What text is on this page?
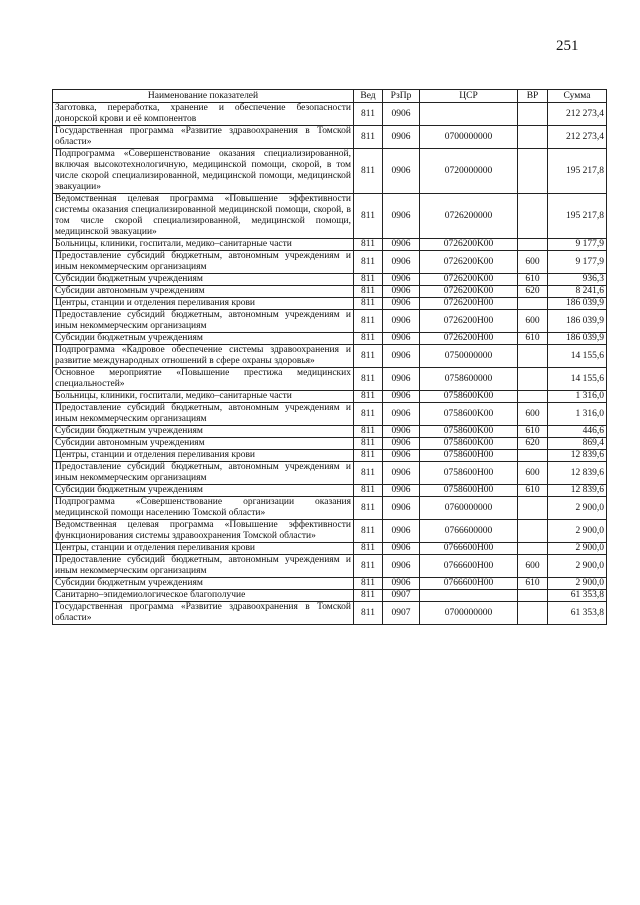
251
Наименование показателей	Вед	РзПр	ЦСР	ВР	Сумма
Заготовка, переработка, хранение и обеспечение безопасности донорской крови и её компонентов	811	0906			212 273,4
Государственная программа «Развитие здравоохранения в Томской области»	811	0906	0700000000		212 273,4
Подпрограмма «Совершенствование оказания специализированной, включая высокотехнологичную, медицинской помощи, скорой, в том числе скорой специализированной, медицинской помощи, медицинской эвакуации»	811	0906	0720000000		195 217,8
Ведомственная целевая программа «Повышение эффективности системы оказания специализированной медицинской помощи, скорой, в том числе скорой специализированной, медицинской помощи, медицинской эвакуации»	811	0906	0726200000		195 217,8
Больницы, клиники, госпитали, медико–санитарные части	811	0906	0726200K00		9 177,9
Предоставление субсидий бюджетным, автономным учреждениям и иным некоммерческим организациям	811	0906	0726200K00	600	9 177,9
Субсидии бюджетным учреждениям	811	0906	0726200K00	610	936,3
Субсидии автономным учреждениям	811	0906	0726200K00	620	8 241,6
Центры, станции и отделения переливания крови	811	0906	0726200H00		186 039,9
Предоставление субсидий бюджетным, автономным учреждениям и иным некоммерческим организациям	811	0906	0726200H00	600	186 039,9
Субсидии бюджетным учреждениям	811	0906	0726200H00	610	186 039,9
Подпрограмма «Кадровое обеспечение системы здравоохранения и развитие международных отношений в сфере охраны здоровья»	811	0906	0750000000		14 155,6
Основное мероприятие «Повышение престижа медицинских специальностей»	811	0906	0758600000		14 155,6
Больницы, клиники, госпитали, медико–санитарные части	811	0906	0758600K00		1 316,0
Предоставление субсидий бюджетным, автономным учреждениям и иным некоммерческим организациям	811	0906	0758600K00	600	1 316,0
Субсидии бюджетным учреждениям	811	0906	0758600K00	610	446,6
Субсидии автономным учреждениям	811	0906	0758600K00	620	869,4
Центры, станции и отделения переливания крови	811	0906	0758600H00		12 839,6
Предоставление субсидий бюджетным, автономным учреждениям и иным некоммерческим организациям	811	0906	0758600H00	600	12 839,6
Субсидии бюджетным учреждениям	811	0906	0758600H00	610	12 839,6
Подпрограмма «Совершенствование организации оказания медицинской помощи населению Томской области»	811	0906	0760000000		2 900,0
Ведомственная целевая программа «Повышение эффективности функционирования системы здравоохранения Томской области»	811	0906	0766600000		2 900,0
Центры, станции и отделения переливания крови	811	0906	0766600H00		2 900,0
Предоставление субсидий бюджетным, автономным учреждениям и иным некоммерческим организациям	811	0906	0766600H00	600	2 900,0
Субсидии бюджетным учреждениям	811	0906	0766600H00	610	2 900,0
Санитарно–эпидемиологическое благополучие	811	0907			61 353,8
Государственная программа «Развитие здравоохранения в Томской области»	811	0907	0700000000		61 353,8
